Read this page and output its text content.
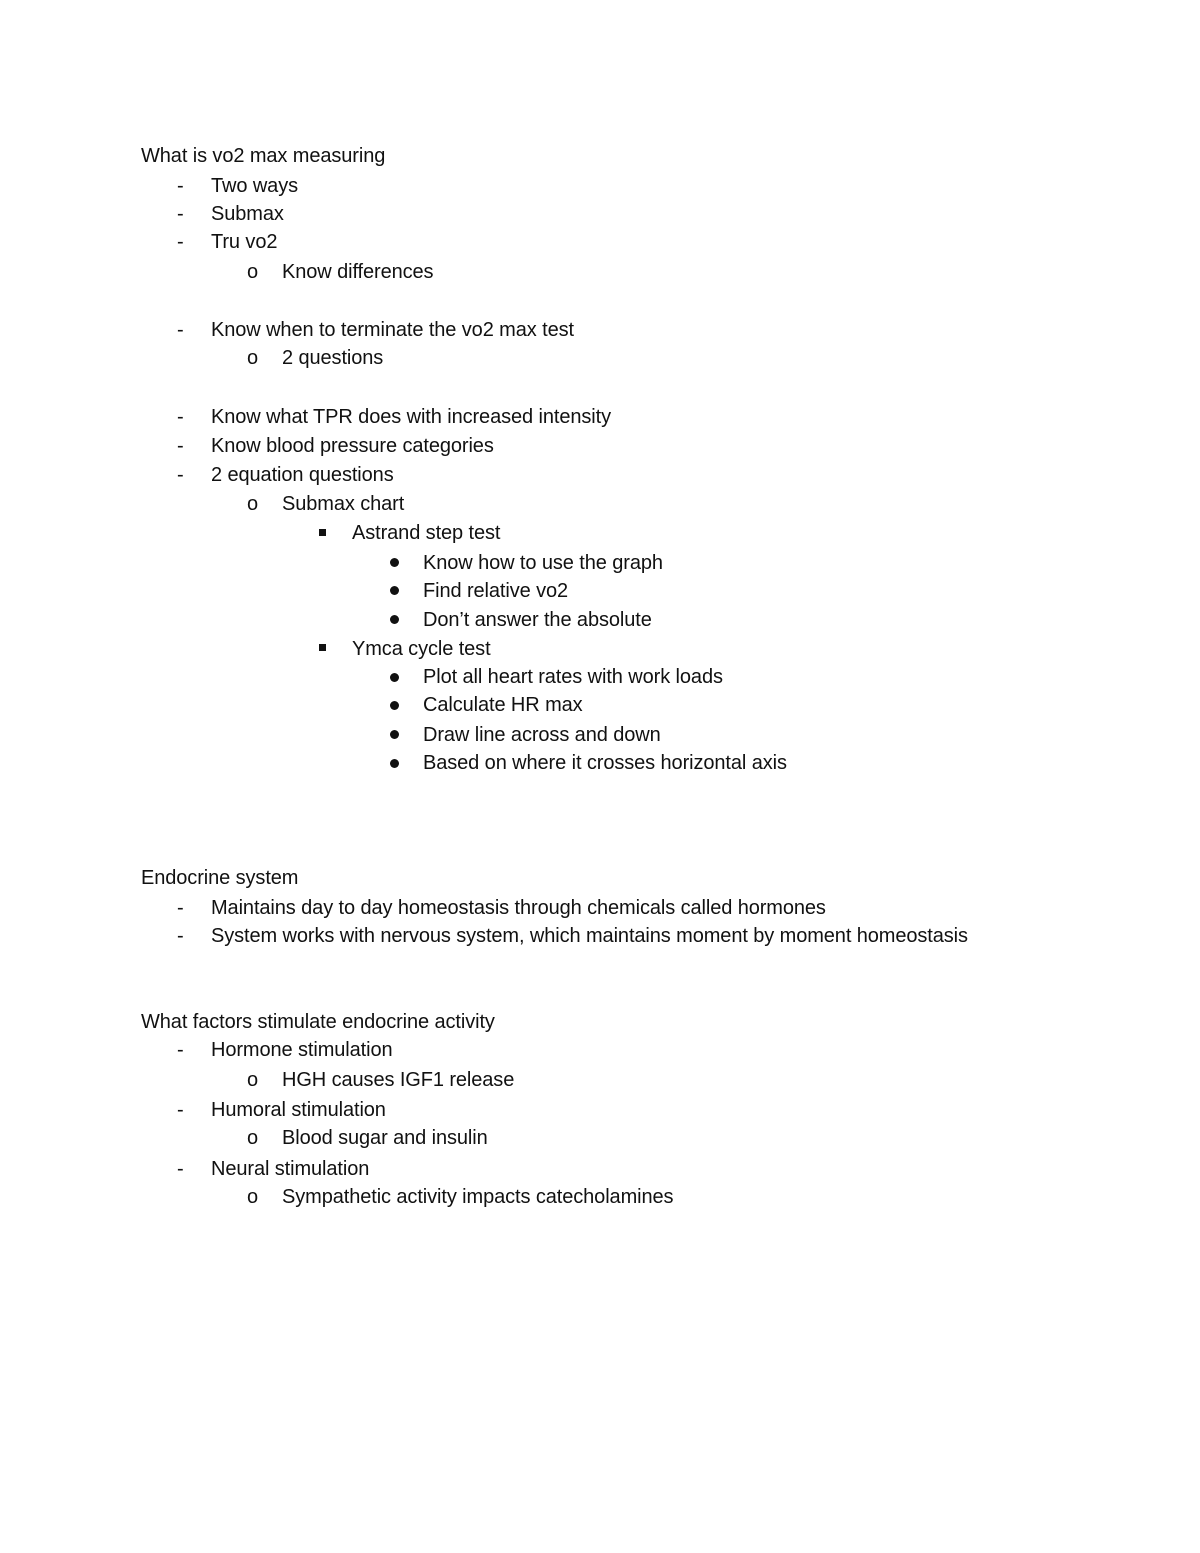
What is vo2 max measuring
- Two ways
- Submax
- Tru vo2
o Know differences
- Know when to terminate the vo2 max test
o 2 questions
- Know what TPR does with increased intensity
- Know blood pressure categories
- 2 equation questions
o Submax chart
Astrand step test
Know how to use the graph
Find relative vo2
Don’t answer the absolute
Ymca cycle test
Plot all heart rates with work loads
Calculate HR max
Draw line across and down
Based on where it crosses horizontal axis
Endocrine system
- Maintains day to day homeostasis through chemicals called hormones
- System works with nervous system, which maintains moment by moment homeostasis
What factors stimulate endocrine activity
- Hormone stimulation
o HGH causes IGF1 release
- Humoral stimulation
o Blood sugar and insulin
- Neural stimulation
o Sympathetic activity impacts catecholamines
